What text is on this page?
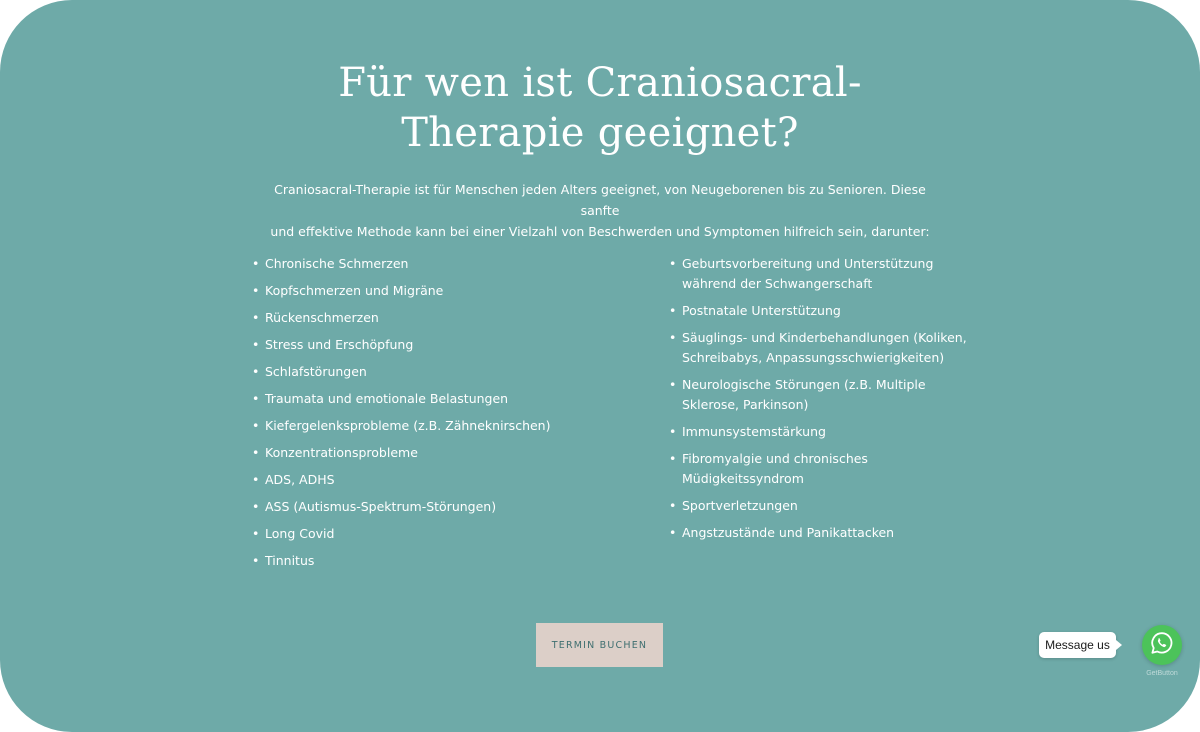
Für wen ist Craniosacral-
Therapie geeignet?

Craniosacral-Therapie ist für Menschen jeden Alters geeignet, von Neugeborenen bis zu Senioren. Diese sanfte
und effektive Methode kann bei einer Vielzahl von Beschwerden und Symptomen hilfreich sein, darunter:

• Chronische Schmerzen
• Kopfschmerzen und Migräne
• Rückenschmerzen
• Stress und Erschöpfung
• Schlafstörungen
• Traumata und emotionale Belastungen
• Kiefergelenksprobleme (z.B. Zähneknirschen)
• Konzentrationsprobleme
• ADS, ADHS
• ASS (Autismus-Spektrum-Störungen)
• Long Covid
• Tinnitus
• Geburtsvorbereitung und Unterstützung während der Schwangerschaft
• Postnatale Unterstützung
• Säuglings- und Kinderbehandlungen (Koliken, Schreibabys, Anpassungsschwierigkeiten)
• Neurologische Störungen (z.B. Multiple Sklerose, Parkinson)
• Immunsystemstärkung
• Fibromyalgie und chronisches Müdigkeitssyndrom
• Sportverletzungen
• Angstzustände und Panikattacken
TERMIN BUCHEN	Message us
GetButton
